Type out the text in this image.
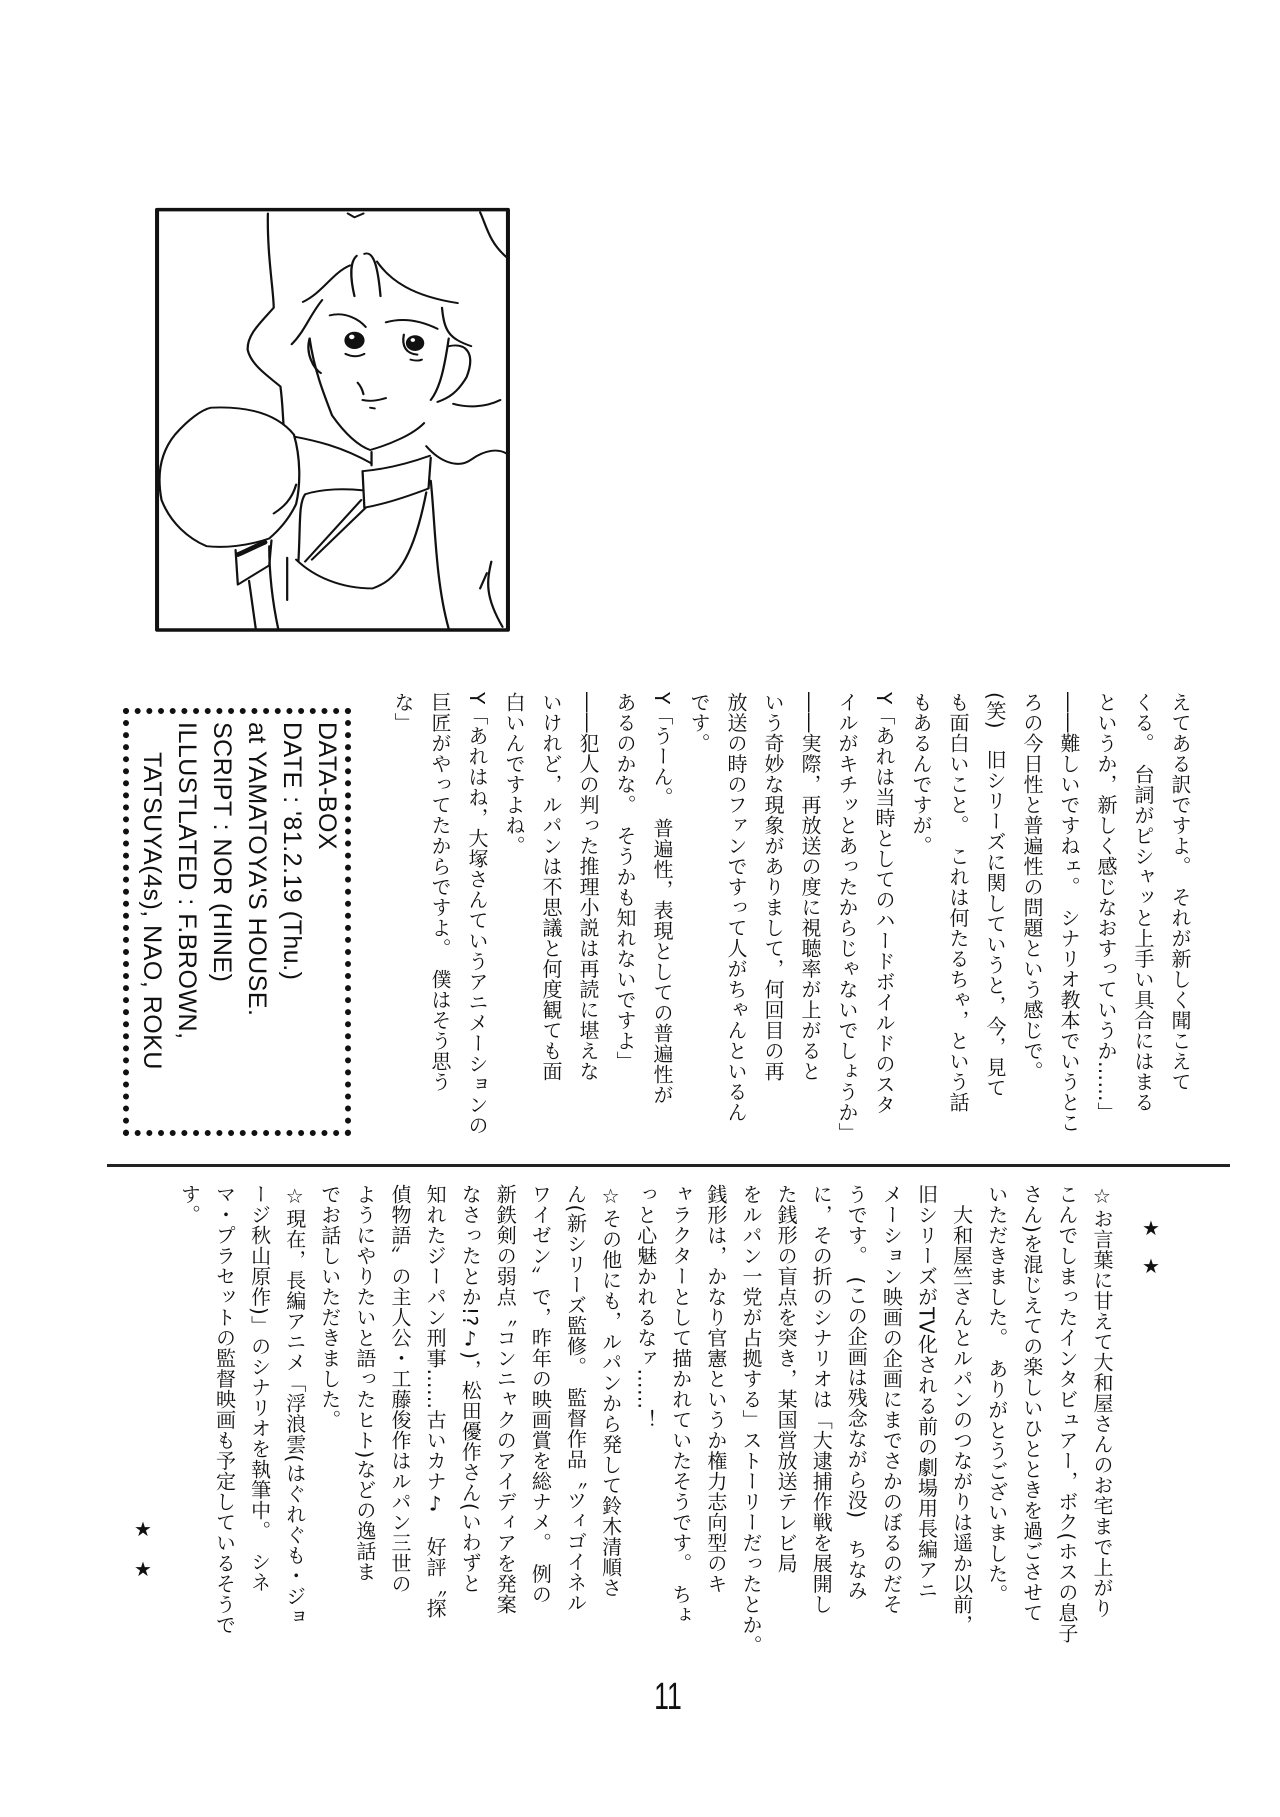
えてある訳ですよ。　それが新しく聞こえて
くる。　台詞がピシャッと上手い具合にはまる
というか，新しく感じなおすっていうか……」
――難しいですねェ。　シナリオ教本でいうとこ
ろの今日性と普遍性の問題という感じで。
(笑)　旧シリーズに関していうと，今，見て
も面白いこと。　これは何たるちゃ，という話
もあるんですが。
Y「あれは当時としてのハードボイルドのスタ
イルがキチッとあったからじゃないでしょうか」
――実際，再放送の度に視聴率が上がると
いう奇妙な現象がありまして，何回目の再
放送の時のファンですって人がちゃんといるん
です。
Y「うーん。　普遍性，表現としての普遍性が
あるのかな。　そうかも知れないですよ」
――犯人の判った推理小説は再読に堪えな
いけれど，ルパンは不思議と何度観ても面
白いんですよね。
Y「あれはね，大塚さんていうアニメーションの
巨匠がやってたからですよ。　僕はそう思う
な」
DATA-BOX
DATE : '81.2.19 (Thu.)
at YAMATOYA'S HOUSE.
SCRIPT : NOR (HINE)
ILLUSTLATED : F.BROWN,
TATSUYA(4s), NAO, ROKU
★
★
☆お言葉に甘えて大和屋さんのお宅まで上がり
こんでしまったインタビュアー，ボク(ホスの息子
さん)を混じえての楽しいひとときを過ごさせて
いただきました。　ありがとうございました。
　大和屋竺さんとルパンのつながりは遥か以前，
旧シリーズがTV化される前の劇場用長編アニ
メーション映画の企画にまでさかのぼるのだそ
うです。　(この企画は残念ながら没)　ちなみ
に，その折のシナリオは「大逮捕作戦を展開し
た銭形の盲点を突き，某国営放送テレビ局
をルパン一党が占拠する」ストーリーだったとか。
銭形は，かなり官憲というか権力志向型のキ
ャラクターとして描かれていたそうです。　ちょ
っと心魅かれるなァ……！
☆その他にも，ルパンから発して鈴木清順さ
ん(新シリーズ監修。　監督作品〝ツィゴイネル
ワイゼン〟で，昨年の映画賞を総ナメ。　例の
新鉄剣の弱点〝コンニャクのアイディアを発案
なさったとか!?♪)，松田優作さん(いわずと
知れたジーパン刑事……古いカナ♪　好評〝探
偵物語〟の主人公・工藤俊作はルパン三世の
ようにやりたいと語ったヒト)などの逸話ま
でお話しいただきました。
☆現在，長編アニメ「浮浪雲(はぐれぐも・ジョ
ージ秋山原作)」のシナリオを執筆中。　シネ
マ・プラセットの監督映画も予定しているそうで
す。
★
★
11
